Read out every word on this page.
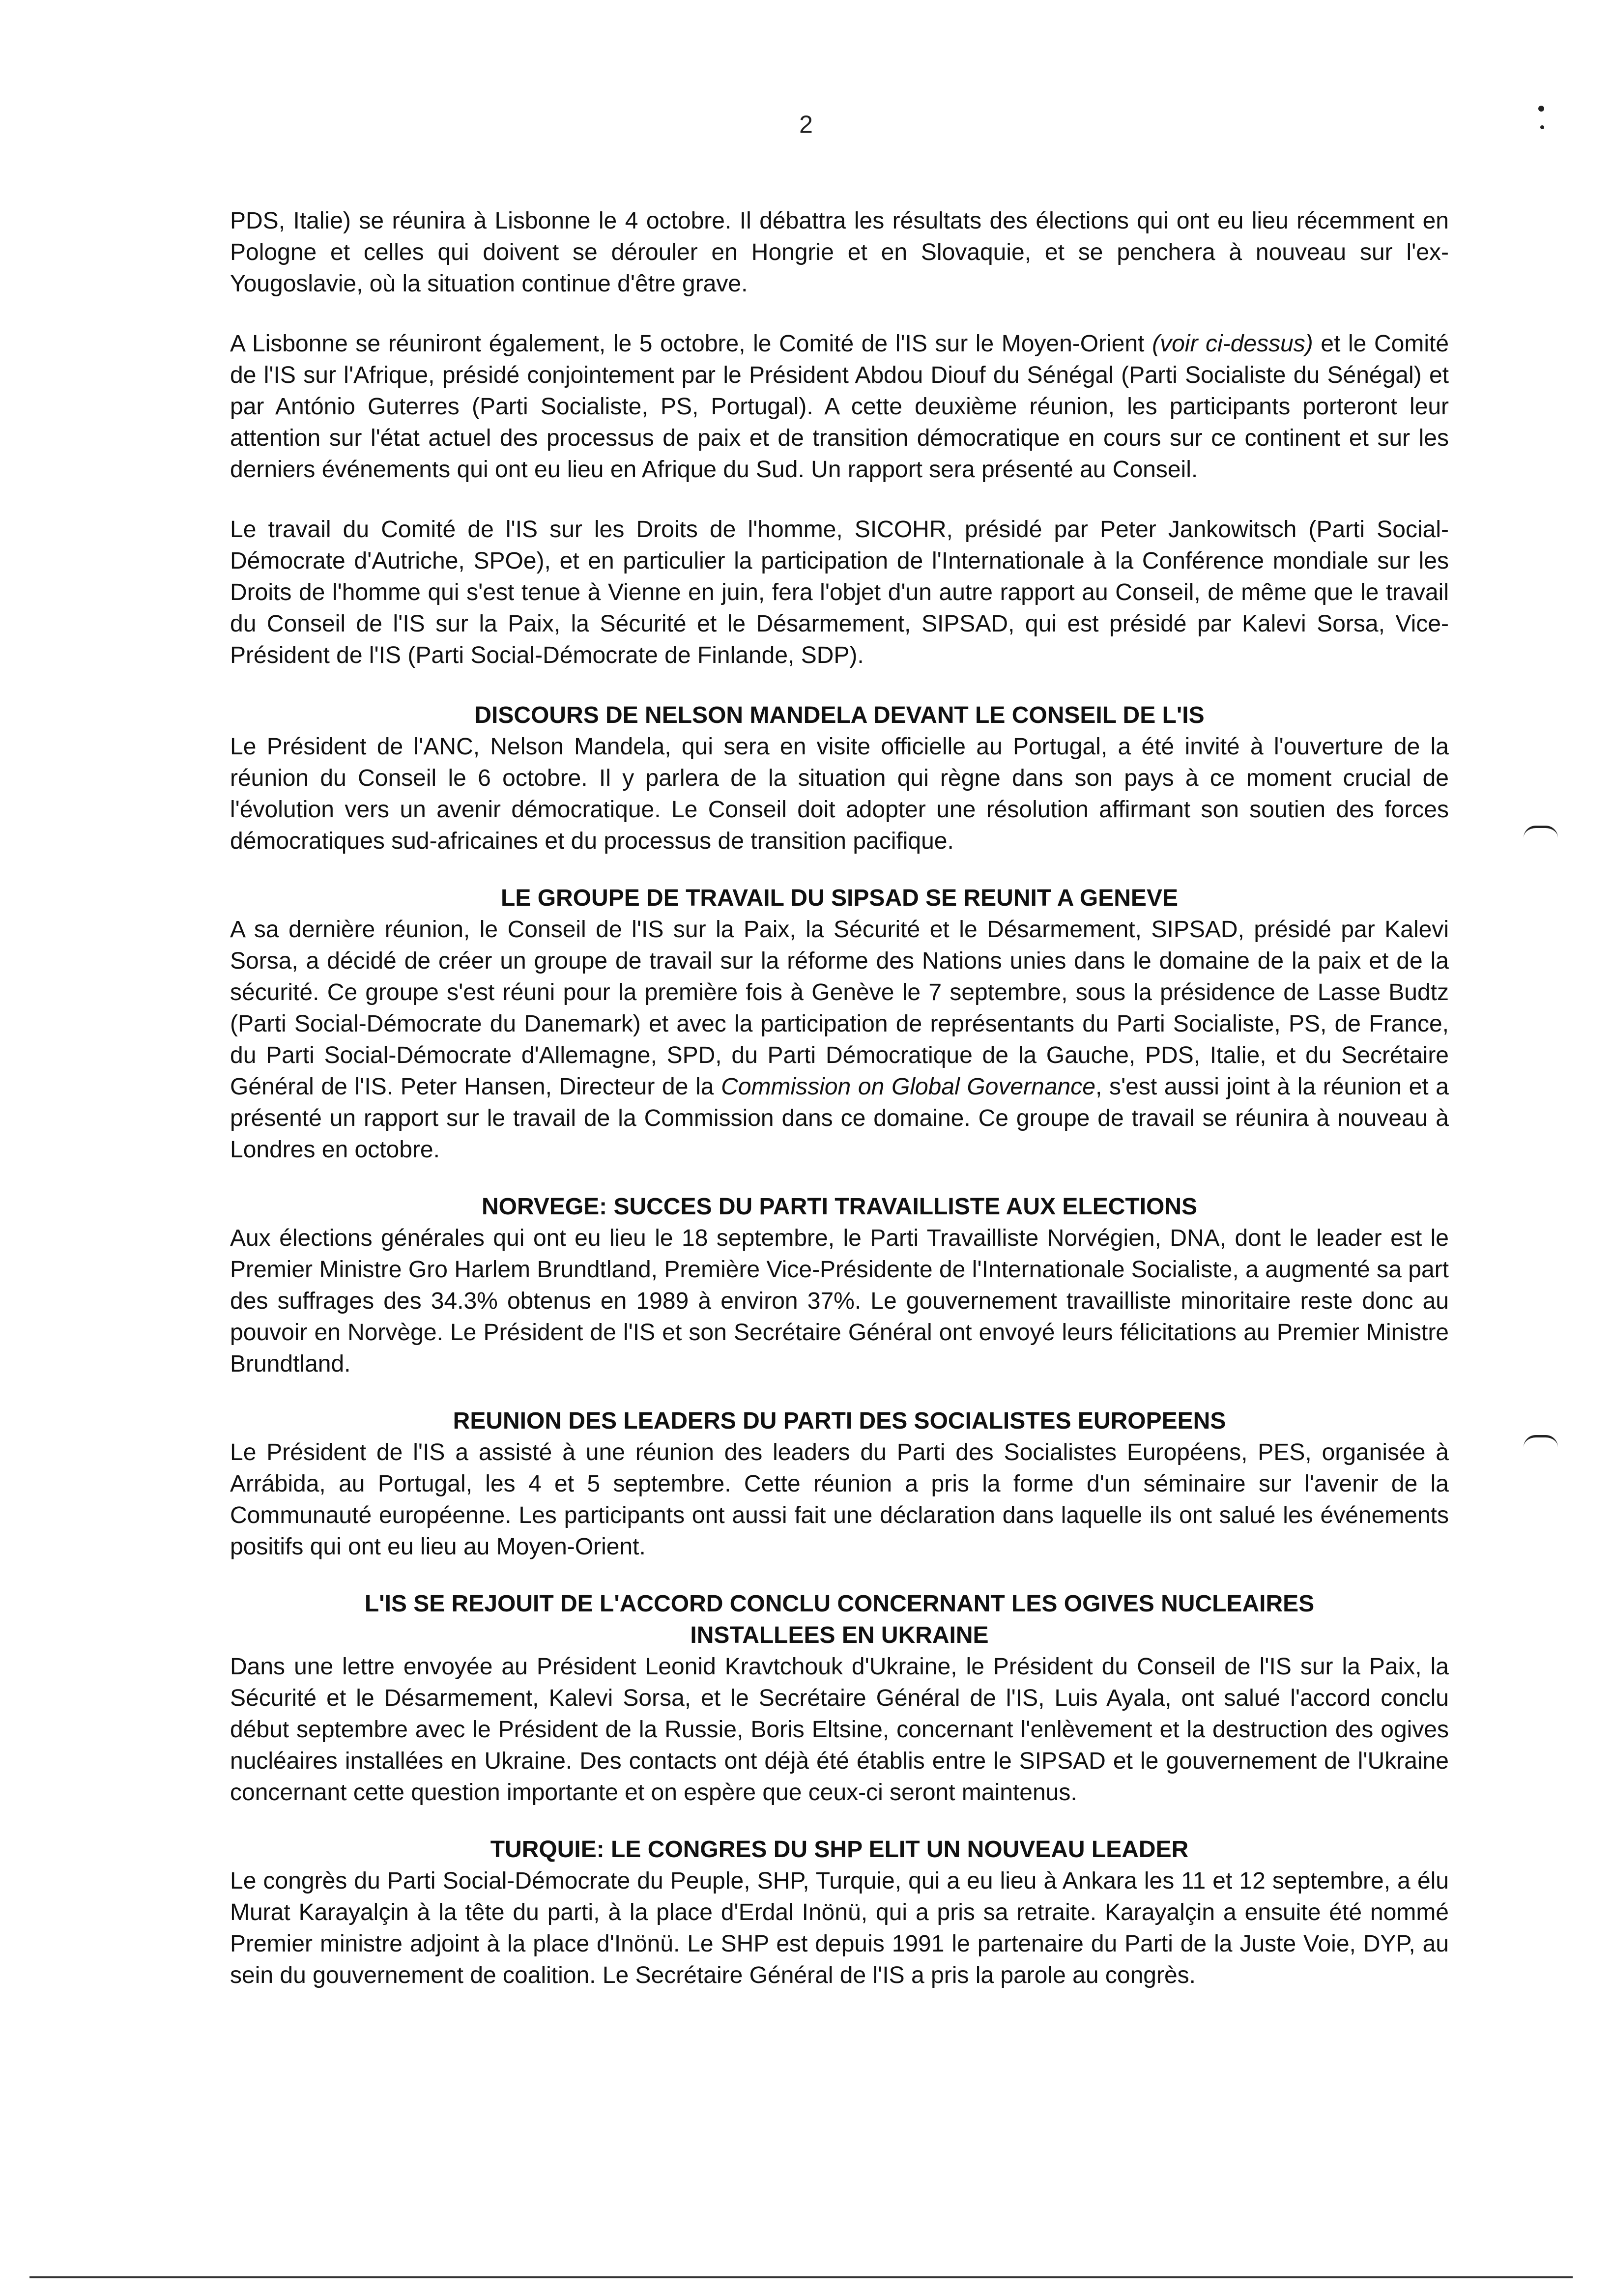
2

PDS, Italie) se réunira à Lisbonne le 4 octobre. Il débattra les résultats des élections qui ont eu lieu récemment en Pologne et celles qui doivent se dérouler en Hongrie et en Slovaquie, et se penchera à nouveau sur l'ex-Yougoslavie, où la situation continue d'être grave.

A Lisbonne se réuniront également, le 5 octobre, le Comité de l'IS sur le Moyen-Orient (voir ci-dessus) et le Comité de l'IS sur l'Afrique, présidé conjointement par le Président Abdou Diouf du Sénégal (Parti Socialiste du Sénégal) et par António Guterres (Parti Socialiste, PS, Portugal). A cette deuxième réunion, les participants porteront leur attention sur l'état actuel des processus de paix et de transition démocratique en cours sur ce continent et sur les derniers événements qui ont eu lieu en Afrique du Sud. Un rapport sera présenté au Conseil.

Le travail du Comité de l'IS sur les Droits de l'homme, SICOHR, présidé par Peter Jankowitsch (Parti Social-Démocrate d'Autriche, SPOe), et en particulier la participation de l'Internationale à la Conférence mondiale sur les Droits de l'homme qui s'est tenue à Vienne en juin, fera l'objet d'un autre rapport au Conseil, de même que le travail du Conseil de l'IS sur la Paix, la Sécurité et le Désarmement, SIPSAD, qui est présidé par Kalevi Sorsa, Vice-Président de l'IS (Parti Social-Démocrate de Finlande, SDP).

DISCOURS DE NELSON MANDELA DEVANT LE CONSEIL DE L'IS

Le Président de l'ANC, Nelson Mandela, qui sera en visite officielle au Portugal, a été invité à l'ouverture de la réunion du Conseil le 6 octobre. Il y parlera de la situation qui règne dans son pays à ce moment crucial de l'évolution vers un avenir démocratique. Le Conseil doit adopter une résolution affirmant son soutien des forces démocratiques sud-africaines et du processus de transition pacifique.

LE GROUPE DE TRAVAIL DU SIPSAD SE REUNIT A GENEVE

A sa dernière réunion, le Conseil de l'IS sur la Paix, la Sécurité et le Désarmement, SIPSAD, présidé par Kalevi Sorsa, a décidé de créer un groupe de travail sur la réforme des Nations unies dans le domaine de la paix et de la sécurité. Ce groupe s'est réuni pour la première fois à Genève le 7 septembre, sous la présidence de Lasse Budtz (Parti Social-Démocrate du Danemark) et avec la participation de représentants du Parti Socialiste, PS, de France, du Parti Social-Démocrate d'Allemagne, SPD, du Parti Démocratique de la Gauche, PDS, Italie, et du Secrétaire Général de l'IS. Peter Hansen, Directeur de la Commission on Global Governance, s'est aussi joint à la réunion et a présenté un rapport sur le travail de la Commission dans ce domaine. Ce groupe de travail se réunira à nouveau à Londres en octobre.

NORVEGE: SUCCES DU PARTI TRAVAILLISTE AUX ELECTIONS

Aux élections générales qui ont eu lieu le 18 septembre, le Parti Travailliste Norvégien, DNA, dont le leader est le Premier Ministre Gro Harlem Brundtland, Première Vice-Présidente de l'Internationale Socialiste, a augmenté sa part des suffrages des 34.3% obtenus en 1989 à environ 37%. Le gouvernement travailliste minoritaire reste donc au pouvoir en Norvège. Le Président de l'IS et son Secrétaire Général ont envoyé leurs félicitations au Premier Ministre Brundtland.

REUNION DES LEADERS DU PARTI DES SOCIALISTES EUROPEENS

Le Président de l'IS a assisté à une réunion des leaders du Parti des Socialistes Européens, PES, organisée à Arrábida, au Portugal, les 4 et 5 septembre. Cette réunion a pris la forme d'un séminaire sur l'avenir de la Communauté européenne. Les participants ont aussi fait une déclaration dans laquelle ils ont salué les événements positifs qui ont eu lieu au Moyen-Orient.

L'IS SE REJOUIT DE L'ACCORD CONCLU CONCERNANT LES OGIVES NUCLEAIRES
INSTALLEES EN UKRAINE

Dans une lettre envoyée au Président Leonid Kravtchouk d'Ukraine, le Président du Conseil de l'IS sur la Paix, la Sécurité et le Désarmement, Kalevi Sorsa, et le Secrétaire Général de l'IS, Luis Ayala, ont salué l'accord conclu début septembre avec le Président de la Russie, Boris Eltsine, concernant l'enlèvement et la destruction des ogives nucléaires installées en Ukraine. Des contacts ont déjà été établis entre le SIPSAD et le gouvernement de l'Ukraine concernant cette question importante et on espère que ceux-ci seront maintenus.

TURQUIE: LE CONGRES DU SHP ELIT UN NOUVEAU LEADER

Le congrès du Parti Social-Démocrate du Peuple, SHP, Turquie, qui a eu lieu à Ankara les 11 et 12 septembre, a élu Murat Karayalçin à la tête du parti, à la place d'Erdal Inönü, qui a pris sa retraite. Karayalçin a ensuite été nommé Premier ministre adjoint à la place d'Inönü. Le SHP est depuis 1991 le partenaire du Parti de la Juste Voie, DYP, au sein du gouvernement de coalition. Le Secrétaire Général de l'IS a pris la parole au congrès.
